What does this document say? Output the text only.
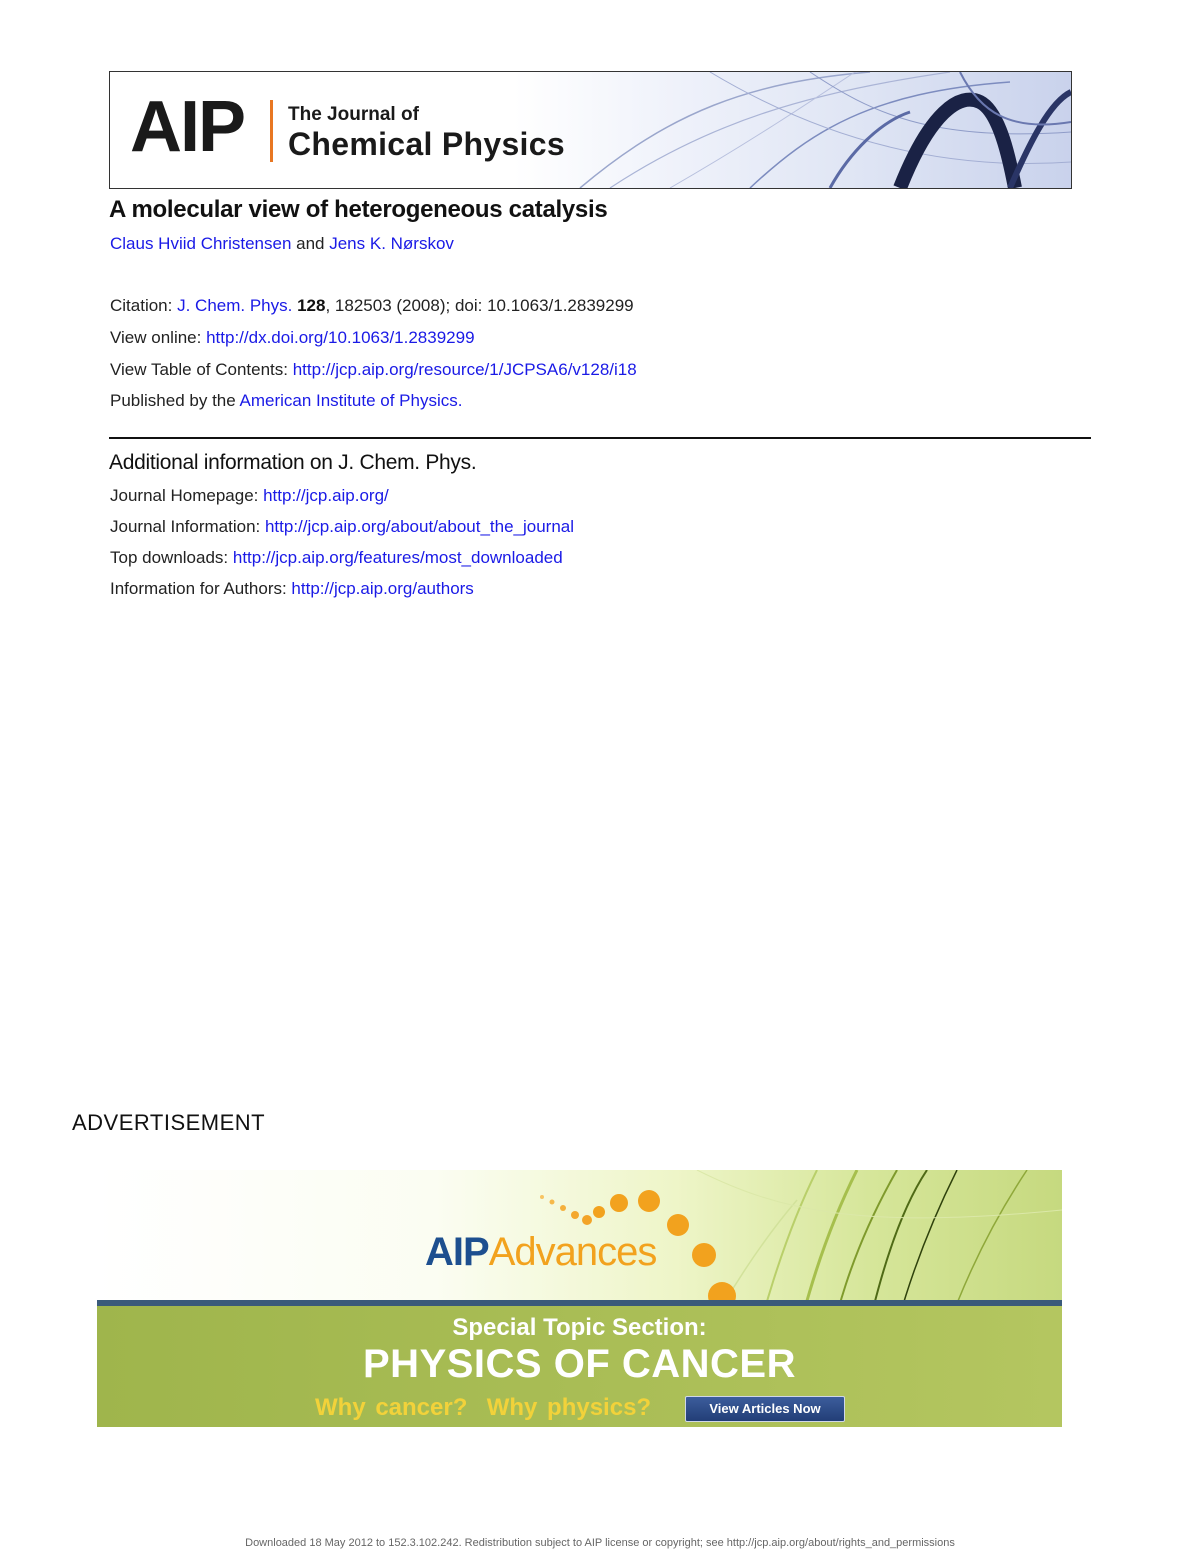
AIP The Journal of
Chemical Physics
A molecular view of heterogeneous catalysis
Claus Hviid Christensen and Jens K. Nørskov
Citation: J. Chem. Phys. 128, 182503 (2008); doi: 10.1063/1.2839299
View online: http://dx.doi.org/10.1063/1.2839299
View Table of Contents: http://jcp.aip.org/resource/1/JCPSA6/v128/i18
Published by the American Institute of Physics.
Additional information on J. Chem. Phys.
Journal Homepage: http://jcp.aip.org/
Journal Information: http://jcp.aip.org/about/about_the_journal
Top downloads: http://jcp.aip.org/features/most_downloaded
Information for Authors: http://jcp.aip.org/authors
ADVERTISEMENT
AIPAdvances
Special Topic Section:
PHYSICS OF CANCER
Why cancer?  Why physics?	View Articles Now
Downloaded 18 May 2012 to 152.3.102.242. Redistribution subject to AIP license or copyright; see http://jcp.aip.org/about/rights_and_permissions
